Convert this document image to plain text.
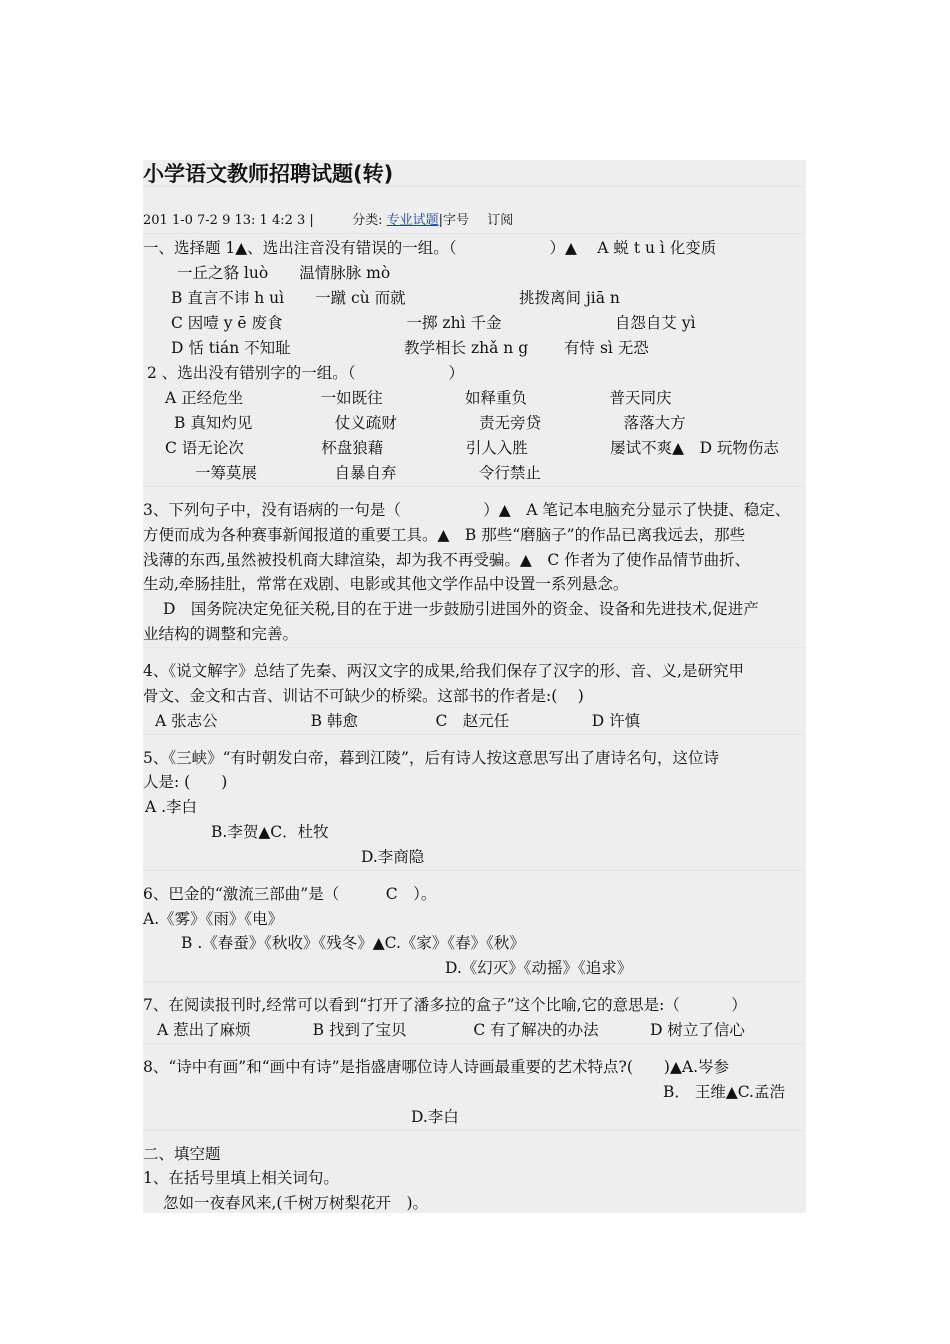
小学语文教师招聘试题(转)
201 1-0 7-2 9 13: 1 4:2 3 |	分类: 专业试题|字号 订阅
一、选择题 1▲、选出注音没有错误的一组。（　　　　　　）▲　 A 蜕 t u ì 化变质
一丘之貉 luò　　温情脉脉 mò
B 直言不讳 h uì　　一蹴 cù 而就　　　　　　　 挑拨离间 jiā n
C 因噎 y ē 废食　　　　　　　　一掷 zhì 千金　　　　　　　 自怨自艾 yì
D 恬 tián 不知耻　　　　　　　 教学相长 zhǎ n g　　 有恃 sì 无恐
2 、选出没有错别字的一组。（　　　　　　）
A 正经危坐　　　　　一如既往　　　　　 如释重负　　　　　 普天同庆
B 真知灼见　　　　　 仗义疏财　　　　　 责无旁贷　　　　　 落落大方
C 语无论次　　　　　杯盘狼藉　　　　　 引人入胜　　　　　 屡试不爽▲　D 玩物伤志
一筹莫展　　　　　自暴自弃　　　　　 令行禁止
3、下列句子中，没有语病的一句是（　　　　　 ）▲　A 笔记本电脑充分显示了快捷、稳定、
方便而成为各种赛事新闻报道的重要工具。▲　B 那些“磨脑子”的作品已离我远去，那些
浅薄的东西,虽然被投机商大肆渲染，却为我不再受骗。▲　C 作者为了使作品情节曲折、
生动,牵肠挂肚，常常在戏剧、电影或其他文学作品中设置一系列悬念。
D　国务院决定免征关税,目的在于进一步鼓励引进国外的资金、设备和先进技术,促进产
业结构的调整和完善。
4、《说文解字》总结了先秦、两汉文字的成果,给我们保存了汉字的形、音、义,是研究甲
骨文、金文和古音、训诂不可缺少的桥梁。这部书的作者是:(　 )
A 张志公　　　　　　B 韩愈　　　　　C　赵元任　　　　　 D 许慎
5、《三峡》“有时朝发白帝，暮到江陵”，后有诗人按这意思写出了唐诗名句，这位诗
人是: (　　)
A .李白
B.李贺▲C．杜牧
D.李商隐
6、巴金的“激流三部曲”是（　　　C　）。
A.《雾》《雨》《电》
B .《春蚕》《秋收》《残冬》▲C.《家》《春》《秋》
D.《幻灭》《动摇》《追求》
7、在阅读报刊时,经常可以看到“打开了潘多拉的盒子”这个比喻,它的意思是:（　　　 ）
A 惹出了麻烦　　　　B 找到了宝贝　　　　 C 有了解决的办法　　　 D 树立了信心
8、“诗中有画”和“画中有诗”是指盛唐哪位诗人诗画最重要的艺术特点?(　　)▲A.岑参
B． 王维▲C.孟浩
D.李白
二、填空题
1、在括号里填上相关词句。
忽如一夜春风来,(千树万树梨花开　)。
